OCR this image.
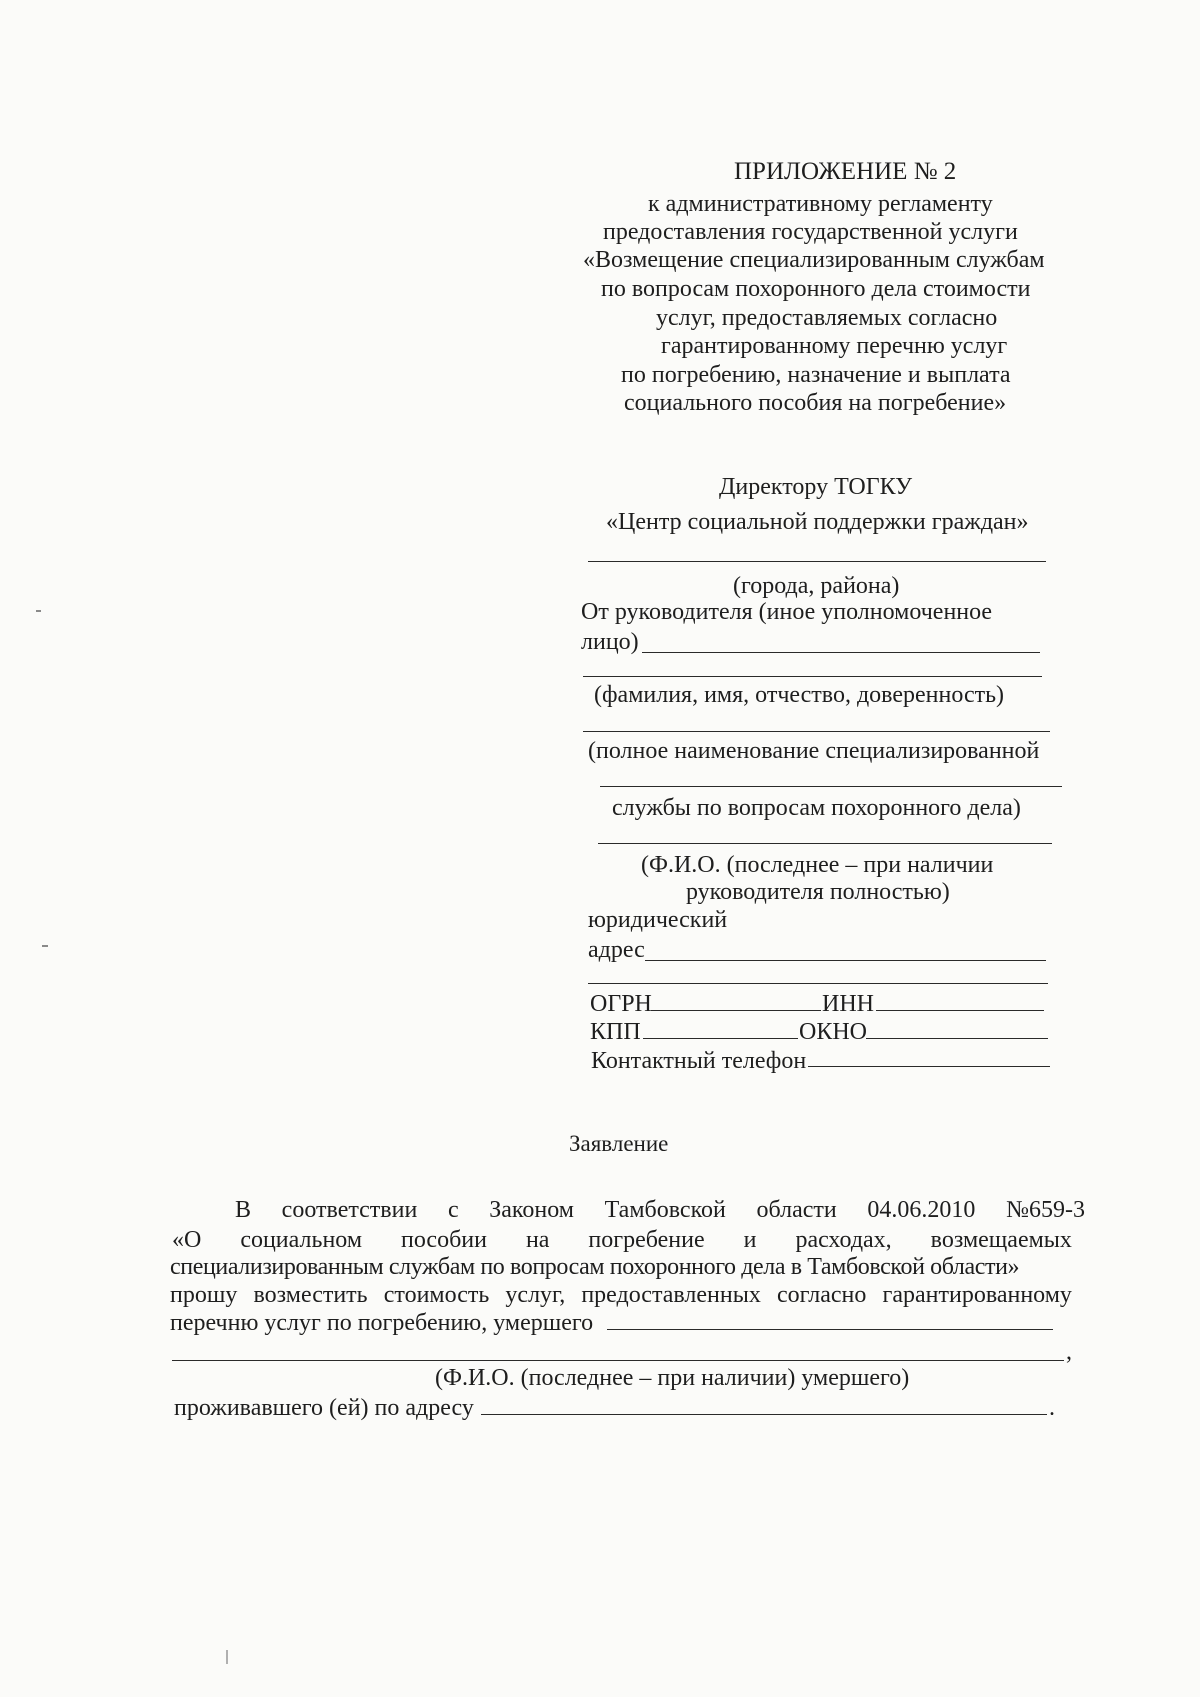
ПРИЛОЖЕНИЕ № 2
к административному регламенту
предоставления государственной услуги
«Возмещение специализированным службам
по вопросам похоронного дела стоимости
услуг, предоставляемых согласно
гарантированному перечню услуг
по погребению, назначение и выплата
социального пособия на погребение»
Директору ТОГКУ
«Центр социальной поддержки граждан»
(города, района)
От руководителя (иное уполномоченное
лицо)
(фамилия, имя, отчество, доверенность)
(полное наименование специализированной
службы по вопросам похоронного дела)
(Ф.И.О. (последнее – при наличии
руководителя полностью)
юридический
адрес
ОГРН	ИНН
КПП	ОКНО
Контактный телефон
Заявление
В соответствии с Законом Тамбовской области 04.06.2010 №659-3
«О социальном пособии на погребение и расходах, возмещаемых
специализированным службам по вопросам похоронного дела в Тамбовской области»
прошу возместить стоимость услуг, предоставленных согласно гарантированному
перечню услуг по погребению, умершего
,
(Ф.И.О. (последнее – при наличии) умершего)
проживавшего (ей) по адресу	.
